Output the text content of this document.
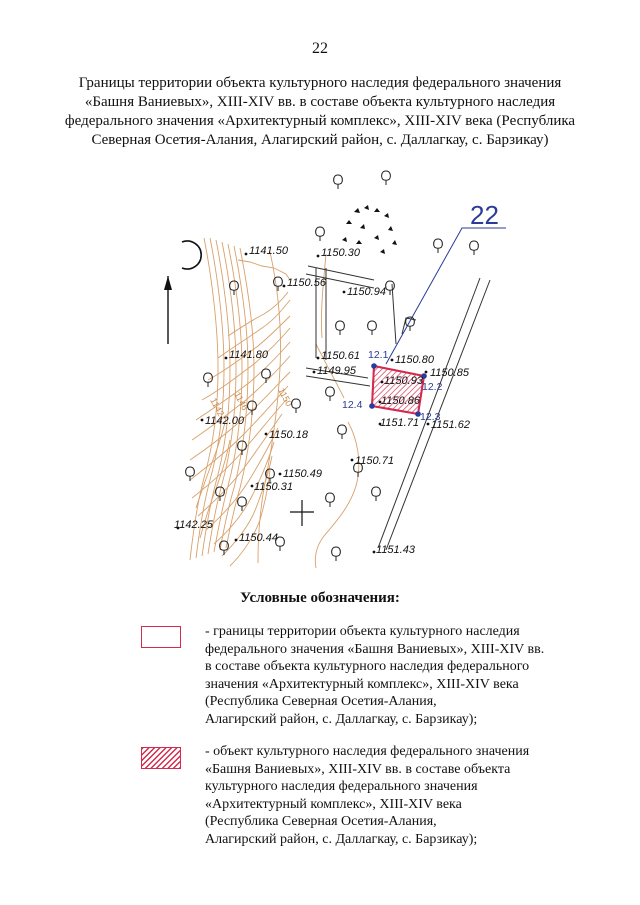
22
Границы территории объекта культурного наследия федерального значения
«Башня Ваниевых», XIII-XIV вв. в составе объекта культурного наследия
федерального значения «Архитектурный комплекс», XIII-XIV века (Республика
Северная Осетия-Алания, Алагирский район, с. Даллагкау, с. Барзикау)
1142 1146	1150
22
12.1
12.2
12.3
12.4
1141.50	1150.30
1150.56
1150.94
1141.80	1150.61	1150.80
1149.95
1150.93
1150.85
1150.86
1142.00
1150.18
1151.71 1151.62
1150.71
1150.49
1150.31
1142.25
1150.44
1151.43
Условные обозначения:
- границы территории объекта культурного наследия
федерального значения «Башня Ваниевых», XIII-XIV вв.
в составе объекта культурного наследия федерального
значения «Архитектурный комплекс», XIII-XIV века
(Республика Северная Осетия-Алания,
Алагирский район, с. Даллагкау, с. Барзикау);
- объект культурного наследия федерального значения
«Башня Ваниевых», XIII-XIV вв. в составе объекта
культурного наследия федерального значения
«Архитектурный комплекс», XIII-XIV века
(Республика Северная Осетия-Алания,
Алагирский район, с. Даллагкау, с. Барзикау);
